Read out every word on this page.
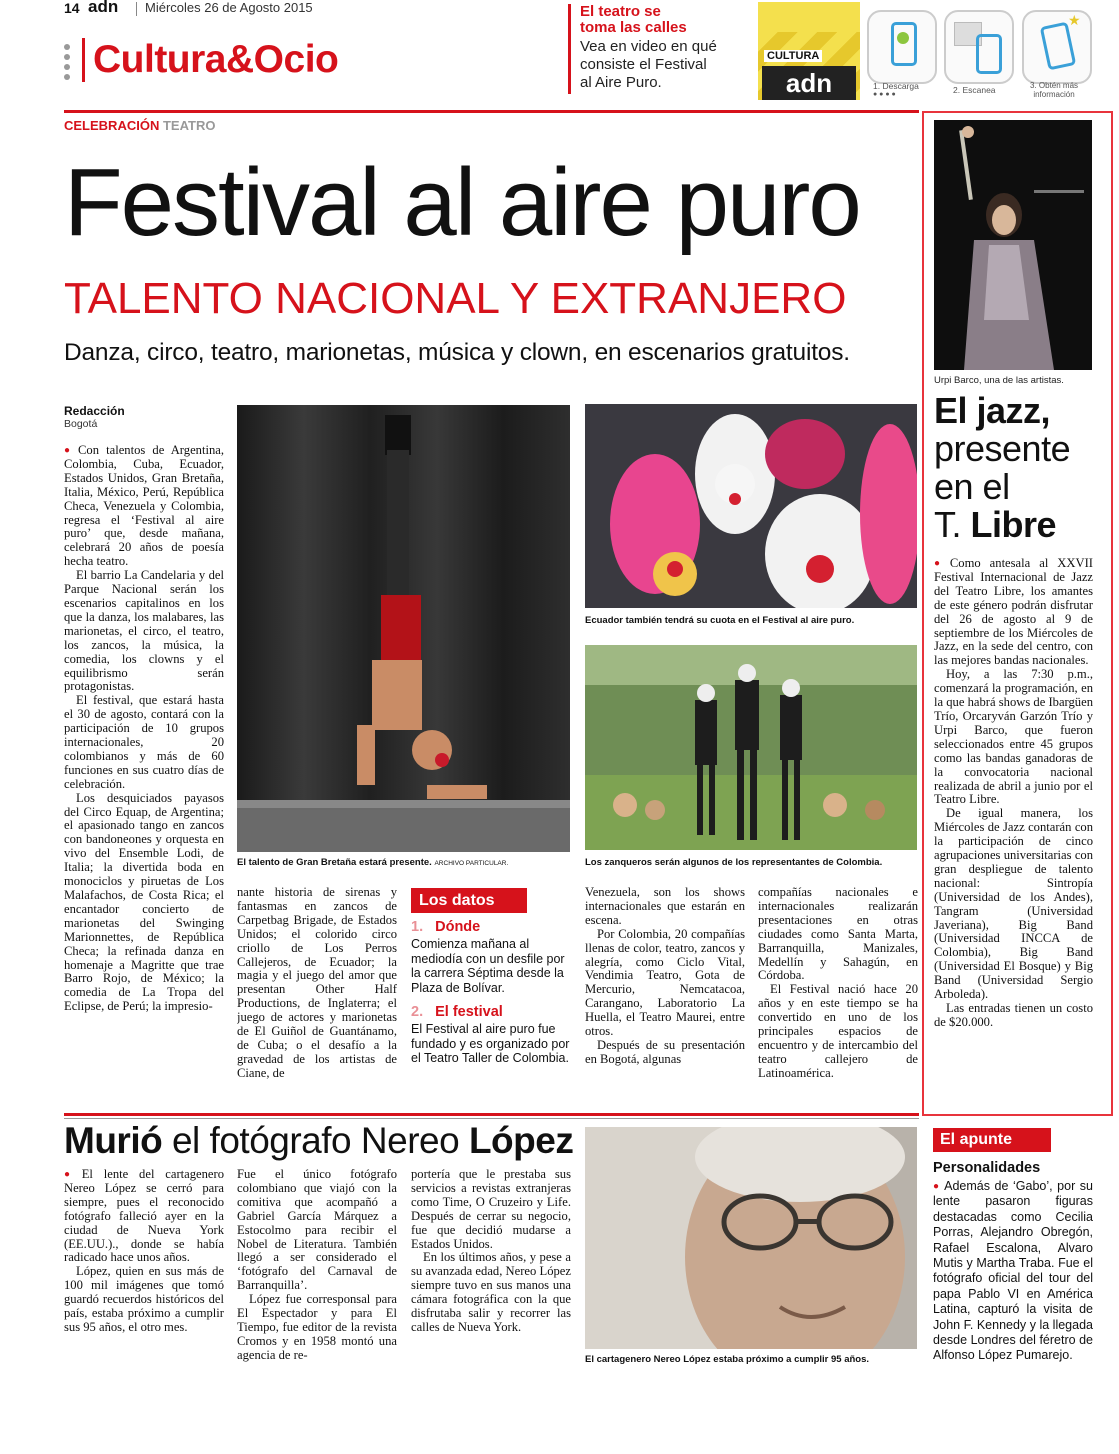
14 adn Miércoles 26 de Agosto 2015
Cultura&Ocio
El teatro se
toma las calles
Vea en video en qué
consiste el Festival
al Aire Puro.
CULTURA
adn
★
1. Descarga
● ● ● ●	2. Escanea	3. Obtén más
información
CELEBRACIÓN TEATRO
Festival al aire puro
TALENTO NACIONAL Y EXTRANJERO

Danza, circo, teatro, marionetas, música y clown, en escenarios gratuitos.

Redacción
Bogotá

● Con talentos de Argentina, Colombia, Cuba, Ecuador, Estados Unidos, Gran Bretaña, Italia, México, Perú, República Checa, Venezuela y Colombia, regresa el ‘Festival al aire puro’ que, desde mañana, celebrará 20 años de poesía hecha teatro.

El barrio La Candelaria y del Parque Nacional serán los escenarios capitalinos en los que la danza, los malabares, las marionetas, el circo, el teatro, los zancos, la música, la comedia, los clowns y el equilibrismo serán protagonistas.

El festival, que estará hasta el 30 de agosto, contará con la participación de 10 grupos internacionales, 20 colombianos y más de 60 funciones en sus cuatro días de celebración.

Los desquiciados payasos del Circo Equap, de Argentina; el apasionado tango en zancos con bandoneones y orquesta en vivo del Ensemble Lodi, de Italia; la divertida boda en monociclos y piruetas de Los Malafachos, de Costa Rica; el encantador concierto de marionetas del Swinging Marionnettes, de República Checa; la refinada danza en homenaje a Magritte que trae Barro Rojo, de México; la comedia de La Tropa del Eclipse, de Perú; la impresio-

El talento de Gran Bretaña estará presente. ARCHIVO PARTICULAR.
Ecuador también tendrá su cuota en el Festival al aire puro.
Los zanqueros serán algunos de los representantes de Colombia.

nante historia de sirenas y fantasmas en zancos de Carpetbag Brigade, de Estados Unidos; el colorido circo criollo de Los Perros Callejeros, de Ecuador; la magia y el juego del amor que presentan Other Half Productions, de Inglaterra; el juego de actores y marionetas de El Guiñol de Guantánamo, de Cuba; o el desafío a la gravedad de los artistas de Ciane, de

Los datos
1. Dónde
Comienza mañana al mediodía con un desfile por la carrera Séptima desde la Plaza de Bolívar.
2. El festival
El Festival al aire puro fue fundado y es organizado por el Teatro Taller de Colombia.

Venezuela, son los shows internacionales que estarán en escena.

Por Colombia, 20 compañías llenas de color, teatro, zancos y alegría, como Ciclo Vital, Vendimia Teatro, Gota de Mercurio, Nemcatacoa, Carangano, Laboratorio La Huella, el Teatro Maurei, entre otros.

Después de su presentación en Bogotá, algunas

compañías nacionales e internacionales realizarán presentaciones en otras ciudades como Santa Marta, Barranquilla, Manizales, Medellín y Sahagún, en Córdoba.

El Festival nació hace 20 años y en este tiempo se ha convertido en uno de los principales espacios de encuentro y de intercambio del teatro callejero de Latinoamérica.

Urpi Barco, una de las artistas.
El jazz,
presente
en el
T. Libre

● Como antesala al XXVII Festival Internacional de Jazz del Teatro Libre, los amantes de este género podrán disfrutar del 26 de agosto al 9 de septiembre de los Miércoles de Jazz, en la sede del centro, con las mejores bandas nacionales.

Hoy, a las 7:30 p.m., comenzará la programación, en la que habrá shows de Ibargüen Trío, Orcaryván Garzón Trío y Urpi Barco, que fueron seleccionados entre 45 grupos como las bandas ganadoras de la convocatoria nacional realizada de abril a junio por el Teatro Libre.

De igual manera, los Miércoles de Jazz contarán con la participación de cinco agrupaciones universitarias con gran despliegue de talento nacional: Sintropía (Universidad de los Andes), Tangram (Universidad Javeriana), Big Band (Universidad INCCA de Colombia), Big Band (Universidad El Bosque) y Big Band (Universidad Sergio Arboleda).

Las entradas tienen un costo de $20.000.

Murió el fotógrafo Nereo López

● El lente del cartagenero Nereo López se cerró para siempre, pues el reconocido fotógrafo falleció ayer en la ciudad de Nueva York (EE.UU.)., donde se había radicado hace unos años.

López, quien en sus más de 100 mil imágenes que tomó guardó recuerdos históricos del país, estaba próximo a cumplir sus 95 años, el otro mes.

Fue el único fotógrafo colombiano que viajó con la comitiva que acompañó a Gabriel García Márquez a Estocolmo para recibir el Nobel de Literatura. También llegó a ser considerado el ‘fotógrafo del Carnaval de Barranquilla’.

López fue corresponsal para El Espectador y para El Tiempo, fue editor de la revista Cromos y en 1958 montó una agencia de re-

portería que le prestaba sus servicios a revistas extranjeras como Time, O Cruzeiro y Life. Después de cerrar su negocio, fue que decidió mudarse a Estados Unidos.

En los últimos años, y pese a su avanzada edad, Nereo López siempre tuvo en sus manos una cámara fotográfica con la que disfrutaba salir y recorrer las calles de Nueva York.

El cartagenero Nereo López estaba próximo a cumplir 95 años.
El apunte
Personalidades

● Además de ‘Gabo’, por su lente pasaron figuras destacadas como Cecilia Porras, Alejandro Obregón, Rafael Escalona, Alvaro Mutis y Martha Traba. Fue el fotógrafo oficial del tour del papa Pablo VI en América Latina, capturó la visita de John F. Kennedy y la llegada desde Londres del féretro de Alfonso López Pumarejo.
